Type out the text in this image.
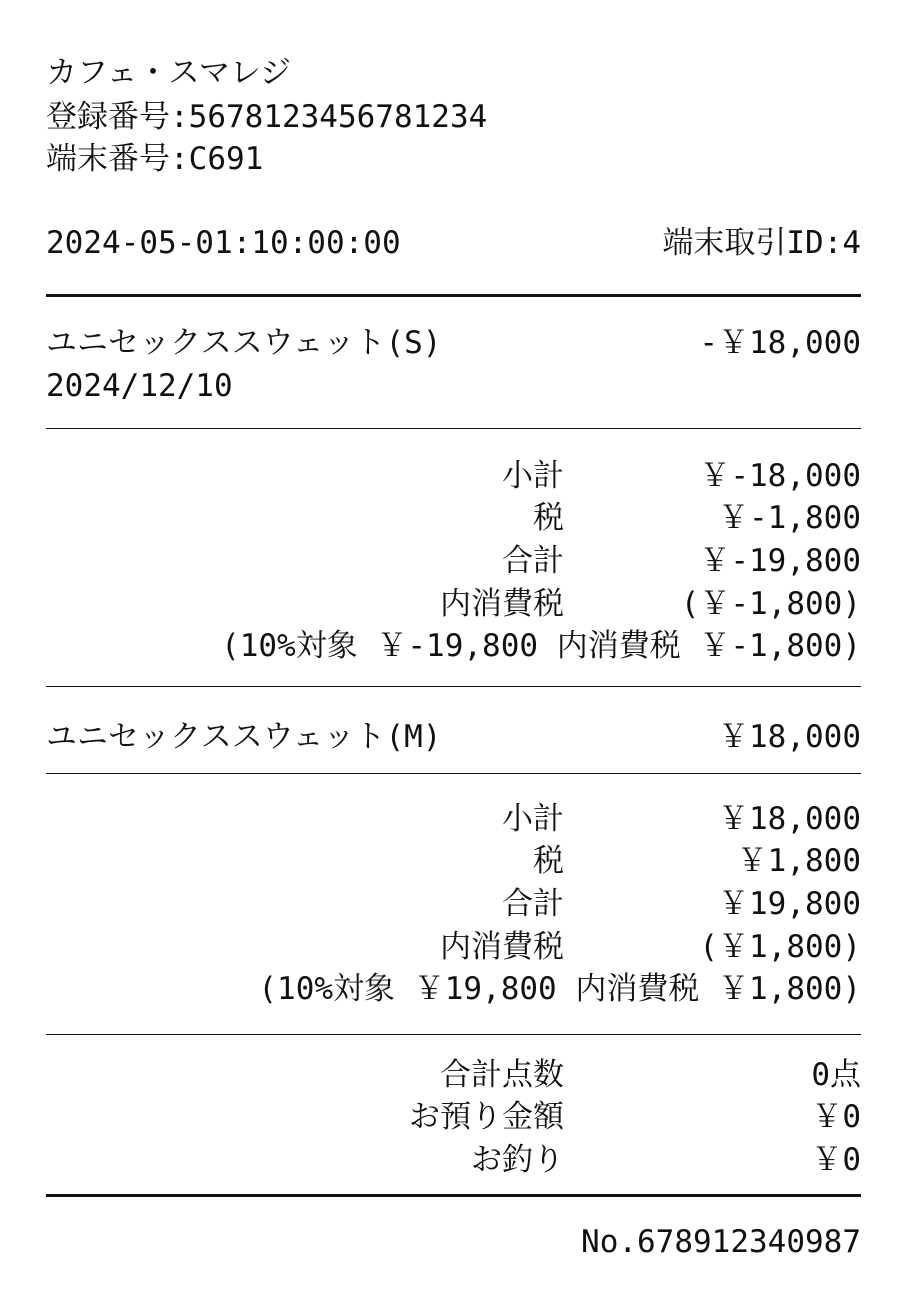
カフェ・スマレジ
登録番号:5678123456781234
端末番号:C691
2024-05-01:10:00:00	端末取引ID:4
ユニセックススウェット(S)	-￥18,000
2024/12/10
小計	￥-18,000
税	￥-1,800
合計	￥-19,800
内消費税	(￥-1,800)
(10%対象 ￥-19,800 内消費税 ￥-1,800)
ユニセックススウェット(M)	￥18,000
小計	￥18,000
税	￥1,800
合計	￥19,800
内消費税	(￥1,800)
(10%対象 ￥19,800 内消費税 ￥1,800)
合計点数	0点
お預り金額	￥0
お釣り	￥0
No.678912340987
